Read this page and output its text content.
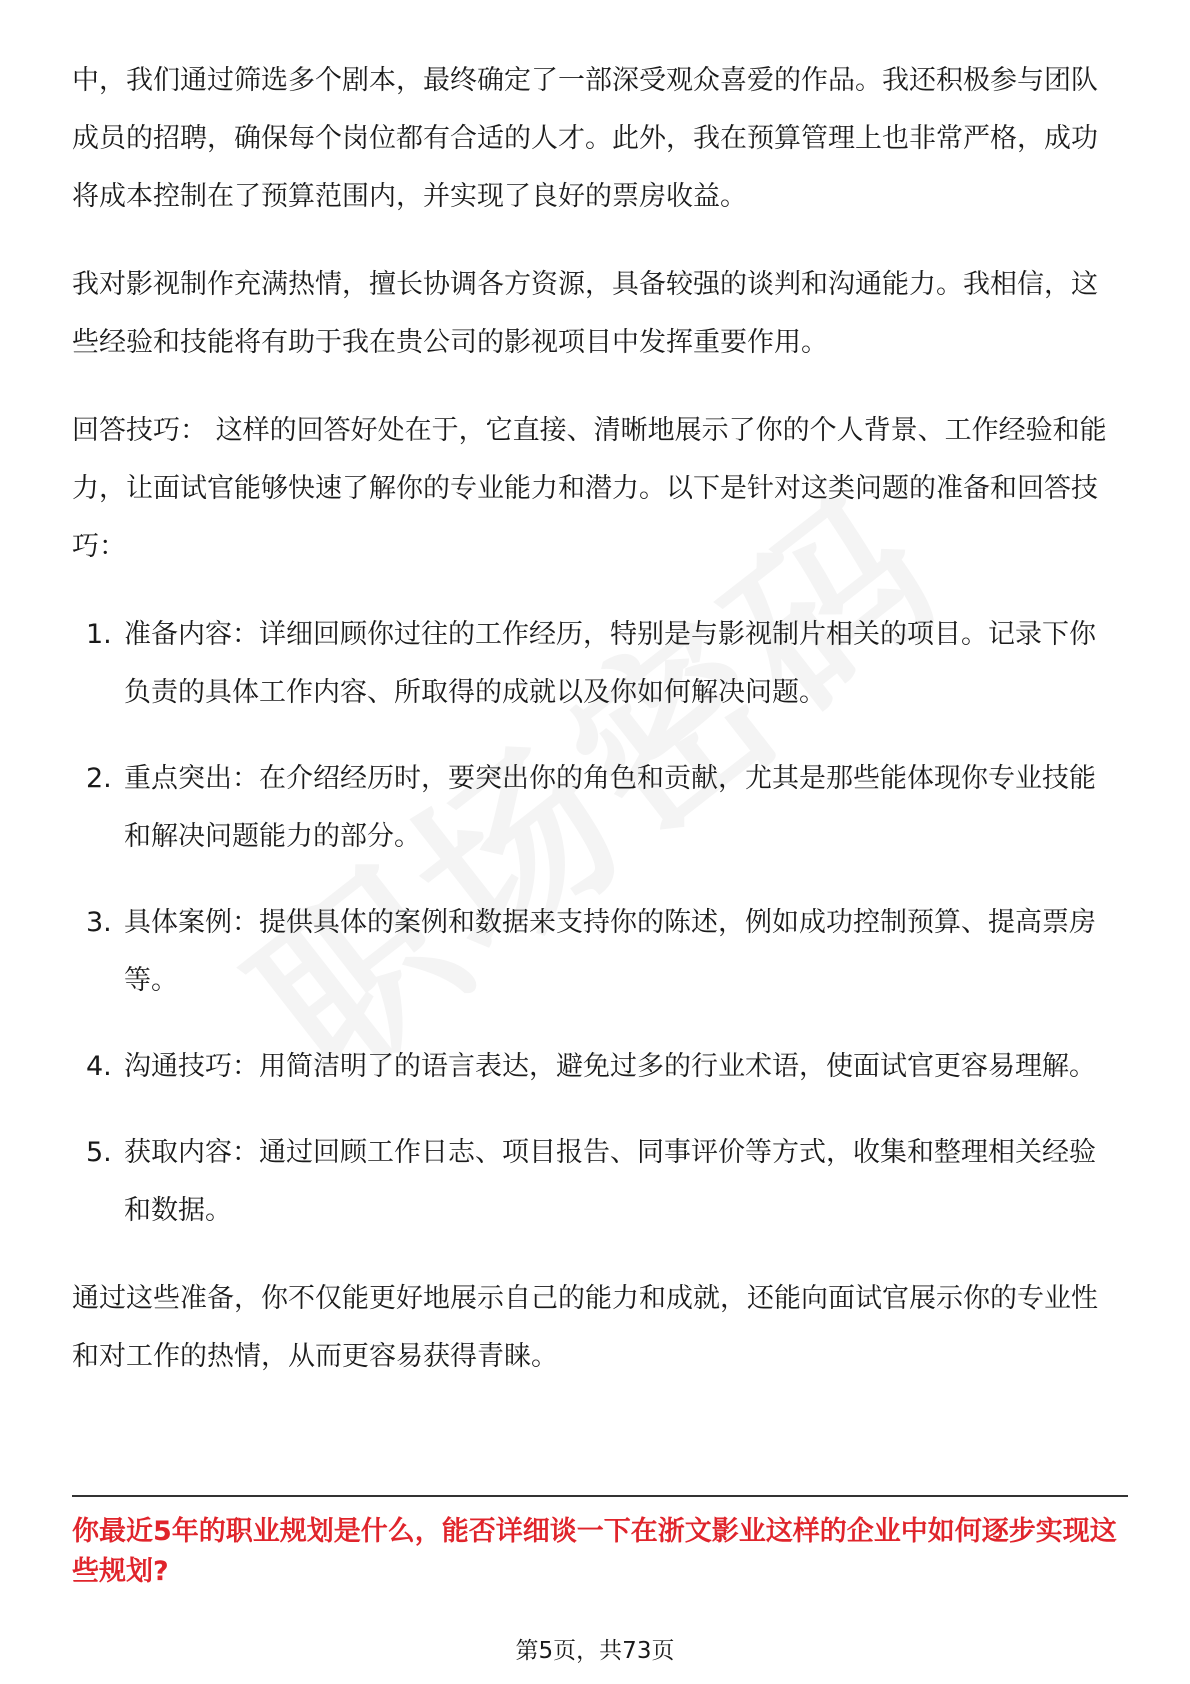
中，我们通过筛选多个剧本，最终确定了一部深受观众喜爱的作品。我还积极参与团队成员的招聘，确保每个岗位都有合适的人才。此外，我在预算管理上也非常严格，成功将成本控制在了预算范围内，并实现了良好的票房收益。

我对影视制作充满热情，擅长协调各方资源，具备较强的谈判和沟通能力。我相信，这些经验和技能将有助于我在贵公司的影视项目中发挥重要作用。

回答技巧： 这样的回答好处在于，它直接、清晰地展示了你的个人背景、工作经验和能力，让面试官能够快速了解你的专业能力和潜力。以下是针对这类问题的准备和回答技巧：

1. 准备内容：详细回顾你过往的工作经历，特别是与影视制片相关的项目。记录下你负责的具体工作内容、所取得的成就以及你如何解决问题。
2. 重点突出：在介绍经历时，要突出你的角色和贡献，尤其是那些能体现你专业技能和解决问题能力的部分。
3. 具体案例：提供具体的案例和数据来支持你的陈述，例如成功控制预算、提高票房等。
4. 沟通技巧：用简洁明了的语言表达，避免过多的行业术语，使面试官更容易理解。
5. 获取内容：通过回顾工作日志、项目报告、同事评价等方式，收集和整理相关经验和数据。

通过这些准备，你不仅能更好地展示自己的能力和成就，还能向面试官展示你的专业性和对工作的热情，从而更容易获得青睐。

你最近5年的职业规划是什么，能否详细谈一下在浙文影业这样的企业中如何逐步实现这些规划?
第5页，共73页
